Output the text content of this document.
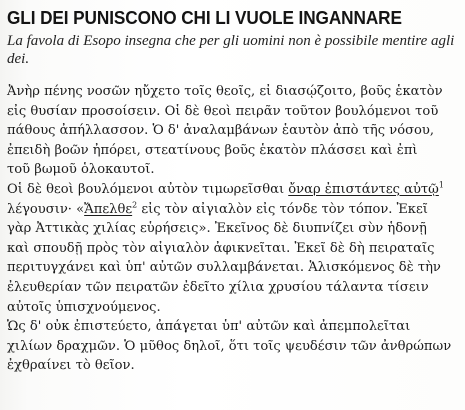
GLI DEI PUNISCONO CHI LI VUOLE INGANNARE

La favola di Esopo insegna che per gli uomini non è possibile mentire agli dei.

Ἀνὴρ πένης νοσῶν ηὔχετο τοῖς θεοῖς, εἰ διασῴζοιτο, βοῦς ἑκατὸν
εἰς θυσίαν προσοίσειν. Οἱ δὲ θεοὶ πειρᾶν τοῦτον βουλόμενοι τοῦ
πάθους ἀπήλλασσον. Ὁ δ' ἀναλαμβάνων ἑαυτὸν ἀπὸ τῆς νόσου,
ἐπειδὴ βοῶν ἠπόρει, στεατίνους βοῦς ἑκατὸν πλάσσει καὶ ἐπὶ
τοῦ βωμοῦ ὁλοκαυτοῖ.
Οἱ δὲ θεοὶ βουλόμενοι αὐτὸν τιμωρεῖσθαι ὄναρ ἐπιστάντες αὐτῷ$^1$
λέγουσιν· «Ἄπελθε$^2$ εἰς τὸν αἰγιαλὸν εἰς τόνδε τὸν τόπον. Ἐκεῖ
γὰρ Ἀττικὰς χιλίας εὑρήσεις». Ἐκεῖνος δὲ διυπνίζει σὺν ἡδονῇ
καὶ σπουδῇ πρὸς τὸν αἰγιαλὸν ἀφικνεῖται. Ἐκεῖ δὲ δὴ πειραταῖς
περιτυγχάνει καὶ ὑπ' αὐτῶν συλλαμβάνεται. Ἁλισκόμενος δὲ τὴν
ἐλευθερίαν τῶν πειρατῶν ἐδεῖτο χίλια χρυσίου τάλαντα τίσειν
αὐτοῖς ὑπισχνούμενος.
Ὡς δ' οὐκ ἐπιστεύετο, ἀπάγεται ὑπ' αὐτῶν καὶ ἀπεμπολεῖται
χιλίων δραχμῶν. Ὁ μῦθος δηλοῖ, ὅτι τοῖς ψευδέσιν τῶν ἀνθρώπων
ἐχθραίνει τὸ θεῖον.
